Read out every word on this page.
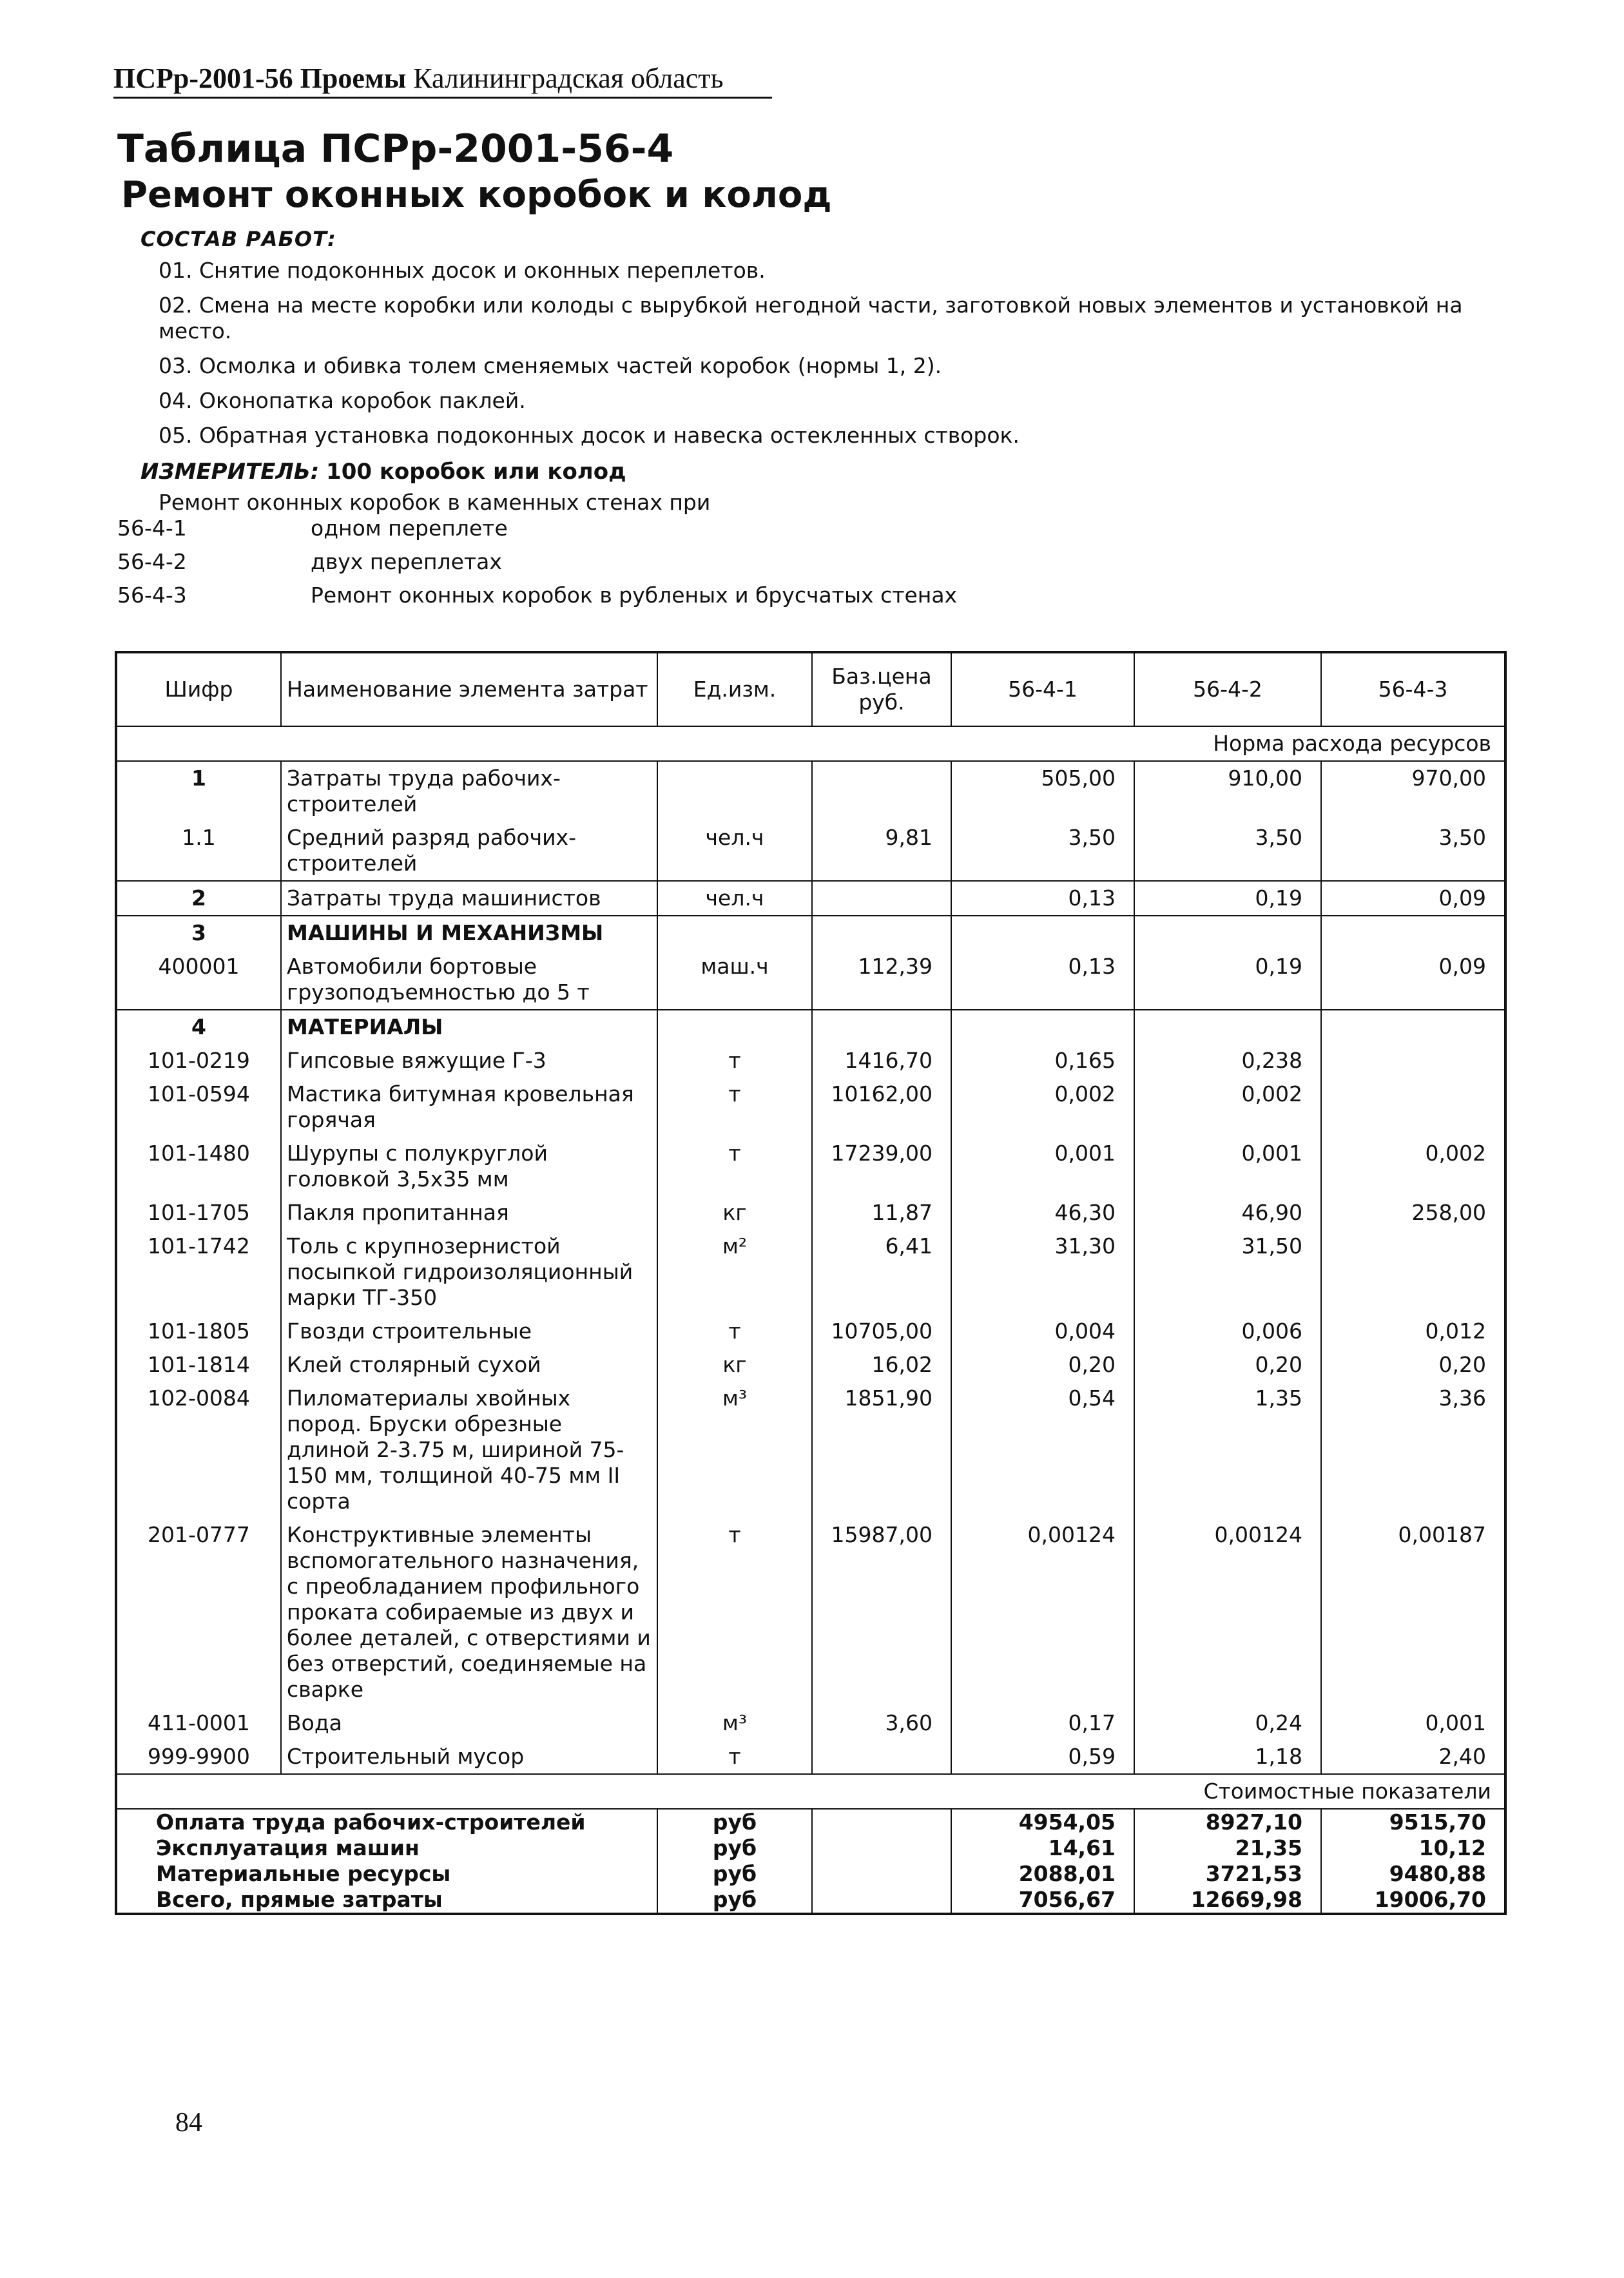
ПСРр-2001-56 Проемы Калининградская область
Таблица ПСРр-2001-56-4
Ремонт оконных коробок и колод
СОСТАВ РАБОТ:
01. Снятие подоконных досок и оконных переплетов.
02. Смена на месте коробки или колоды с вырубкой негодной части, заготовкой новых элементов и установкой на место.
03. Осмолка и обивка толем сменяемых частей коробок (нормы 1, 2).
04. Оконопатка коробок паклей.
05. Обратная установка подоконных досок и навеска остекленных створок.
ИЗМЕРИТЕЛЬ: 100 коробок или колод
Ремонт оконных коробок в каменных стенах при
56-4-1	одном переплете
56-4-2	двух переплетах
56-4-3	Ремонт оконных коробок в рубленых и брусчатых стенах
Шифр	Наименование элемента затрат	Ед.изм.	Баз.цена руб.	56-4-1	56-4-2	56-4-3
Норма расхода ресурсов						
1	Затраты труда рабочих-строителей			505,00	910,00	970,00
1.1	Средний разряд рабочих-строителей	чел.ч	9,81	3,50	3,50	3,50
2	Затраты труда машинистов	чел.ч		0,13	0,19	0,09
3	МАШИНЫ И МЕХАНИЗМЫ					
400001	Автомобили бортовые грузоподъемностью до 5 т	маш.ч	112,39	0,13	0,19	0,09
4	МАТЕРИАЛЫ					
101-0219	Гипсовые вяжущие Г-3	т	1416,70	0,165	0,238	
101-0594	Мастика битумная кровельная горячая	т	10162,00	0,002	0,002	
101-1480	Шурупы с полукруглой головкой 3,5х35 мм	т	17239,00	0,001	0,001	0,002
101-1705	Пакля пропитанная	кг	11,87	46,30	46,90	258,00
101-1742	Толь с крупнозернистой посыпкой гидроизоляционный марки ТГ-350	м²	6,41	31,30	31,50	
101-1805	Гвозди строительные	т	10705,00	0,004	0,006	0,012
101-1814	Клей столярный сухой	кг	16,02	0,20	0,20	0,20
102-0084	Пиломатериалы хвойных пород. Бруски обрезные длиной 2-3.75 м, шириной 75-150 мм, толщиной 40-75 мм II сорта	м³	1851,90	0,54	1,35	3,36
201-0777	Конструктивные элементы вспомогательного назначения, с преобладанием профильного проката собираемые из двух и более деталей, с отверстиями и без отверстий, соединяемые на сварке	т	15987,00	0,00124	0,00124	0,00187
411-0001	Вода	м³	3,60	0,17	0,24	0,001
999-9900	Строительный мусор	т		0,59	1,18	2,40
Стоимостные показатели						
Оплата труда рабочих-строителей		руб		4954,05	8927,10	9515,70
Эксплуатация машин		руб		14,61	21,35	10,12
Материальные ресурсы		руб		2088,01	3721,53	9480,88
Всего, прямые затраты		руб		7056,67	12669,98	19006,70
84
